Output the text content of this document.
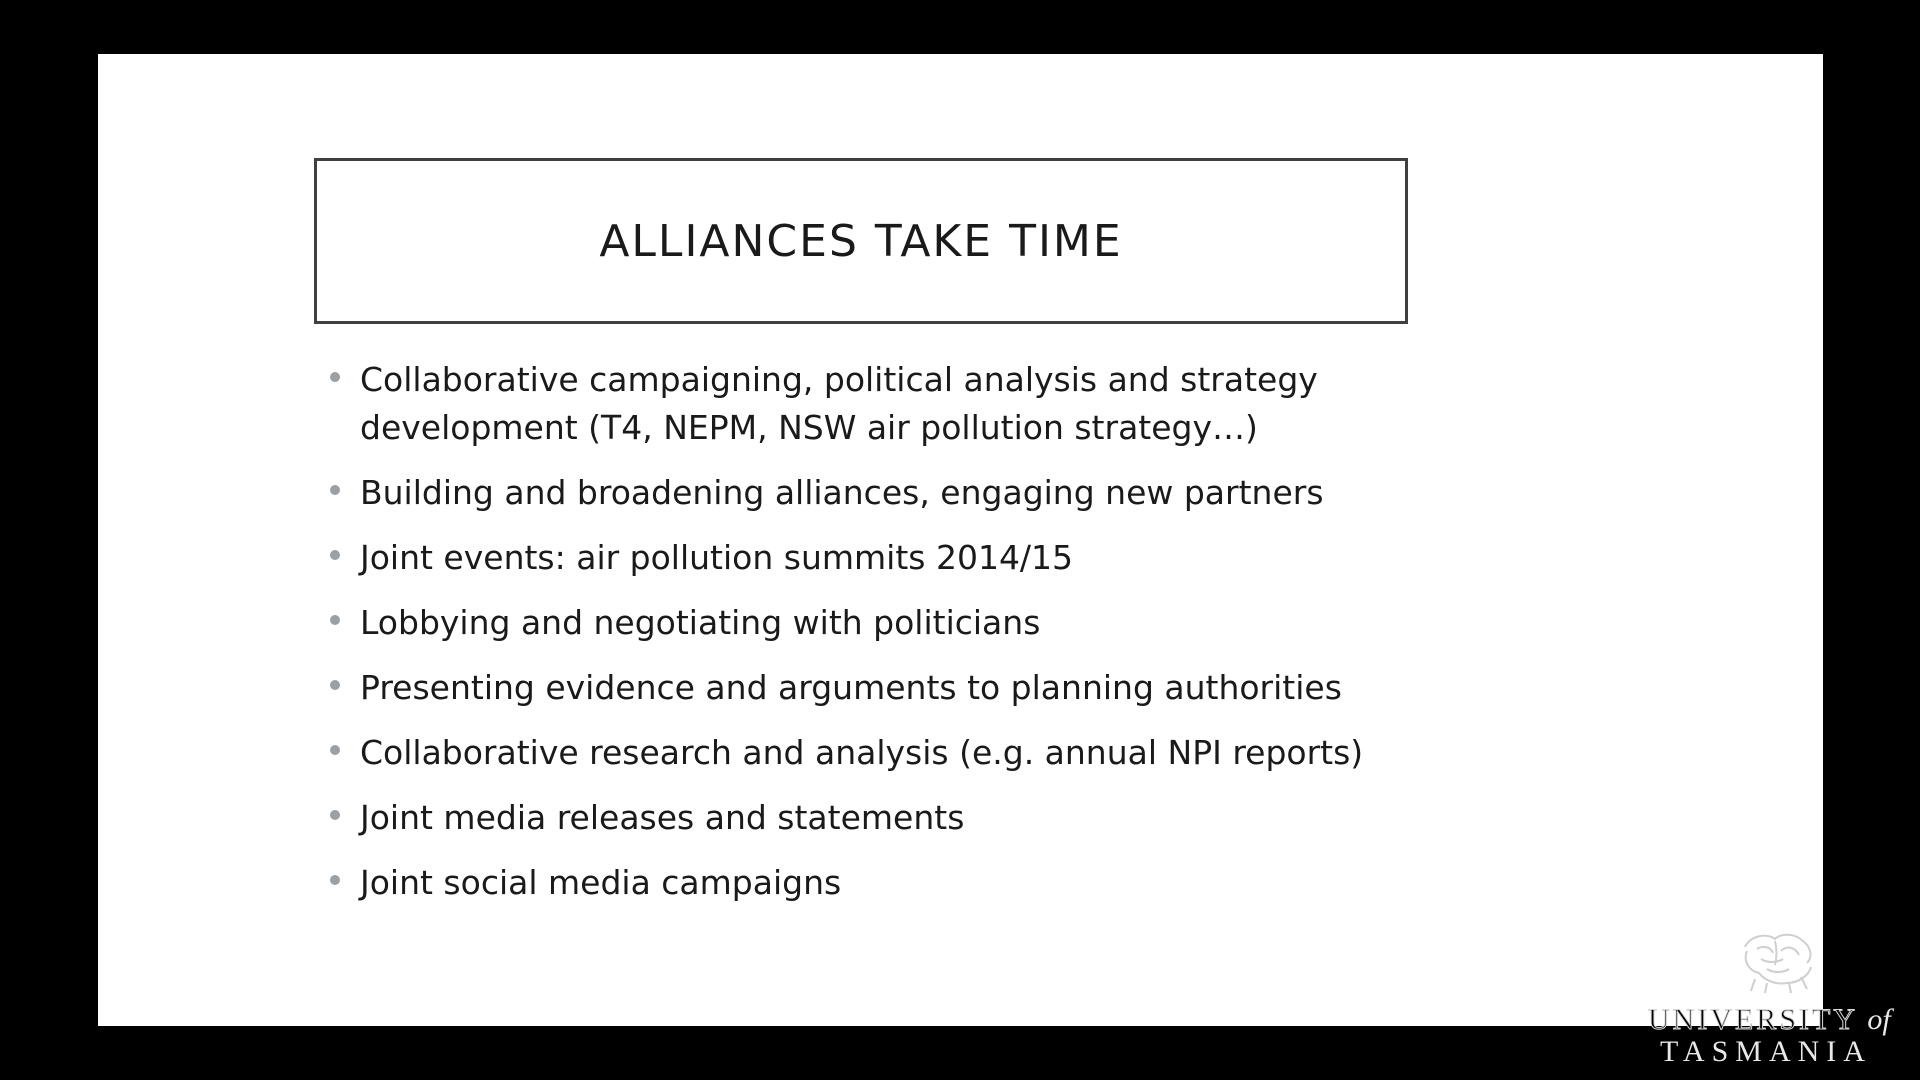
ALLIANCES TAKE TIME
Collaborative campaigning, political analysis and strategy development (T4, NEPM, NSW air pollution strategy…)
Building and broadening alliances, engaging new partners
Joint events: air pollution summits 2014/15
Lobbying and negotiating with politicians
Presenting evidence and arguments to planning authorities
Collaborative research and analysis (e.g. annual NPI reports)
Joint media releases and statements
Joint social media campaigns
UNIVERSITY of
TASMANIA
